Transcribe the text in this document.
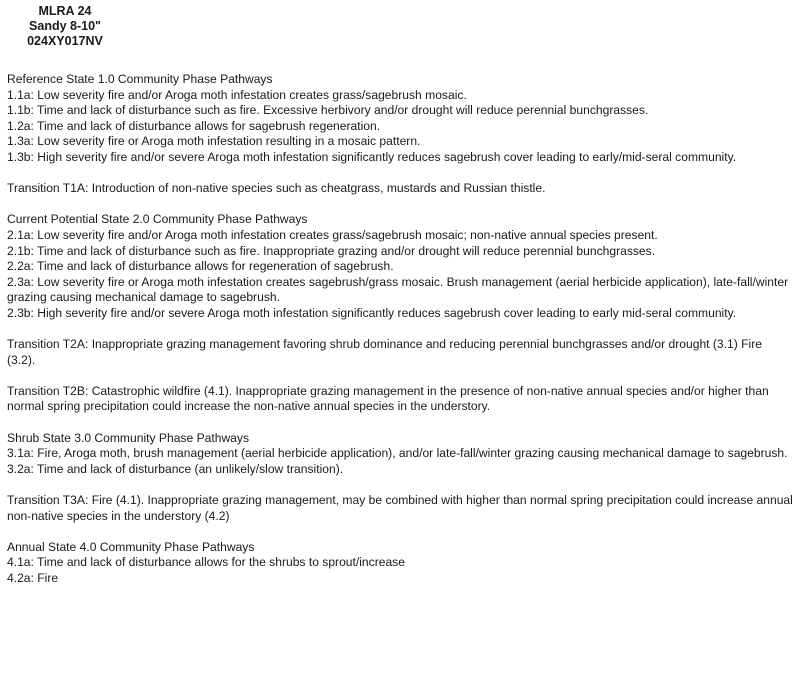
MLRA 24
Sandy 8-10"
024XY017NV
Reference State 1.0 Community Phase Pathways
1.1a: Low severity fire and/or Aroga moth infestation creates grass/sagebrush mosaic.
1.1b: Time and lack of disturbance such as fire. Excessive herbivory and/or drought will reduce perennial bunchgrasses.
1.2a: Time and lack of disturbance allows for sagebrush regeneration.
1.3a: Low severity fire or Aroga moth infestation resulting in a mosaic pattern.
1.3b: High severity fire and/or severe Aroga moth infestation significantly reduces sagebrush cover leading to early/mid-seral community.
Transition T1A: Introduction of non-native species such as cheatgrass, mustards and Russian thistle.
Current Potential State 2.0 Community Phase Pathways
2.1a: Low severity fire and/or Aroga moth infestation creates grass/sagebrush mosaic; non-native annual species present.
2.1b: Time and lack of disturbance such as fire. Inappropriate grazing and/or drought will reduce perennial bunchgrasses.
2.2a: Time and lack of disturbance allows for regeneration of sagebrush.
2.3a: Low severity fire or Aroga moth infestation creates sagebrush/grass mosaic. Brush management (aerial herbicide application), late-fall/winter grazing causing mechanical damage to sagebrush.
2.3b: High severity fire and/or severe Aroga moth infestation significantly reduces sagebrush cover leading to early mid-seral community.
Transition T2A: Inappropriate grazing management favoring shrub dominance and reducing perennial bunchgrasses and/or drought (3.1) Fire (3.2).
Transition T2B: Catastrophic wildfire (4.1). Inappropriate grazing management in the presence of non-native annual species and/or higher than normal spring precipitation could increase the non-native annual species in the understory.
Shrub State 3.0 Community Phase Pathways
3.1a: Fire, Aroga moth, brush management (aerial herbicide application), and/or late-fall/winter grazing causing mechanical damage to sagebrush.
3.2a: Time and lack of disturbance (an unlikely/slow transition).
Transition T3A: Fire (4.1). Inappropriate grazing management, may be combined with higher than normal spring precipitation could increase annual non-native species in the understory (4.2)
Annual State 4.0 Community Phase Pathways
4.1a: Time and lack of disturbance allows for the shrubs to sprout/increase
4.2a: Fire
